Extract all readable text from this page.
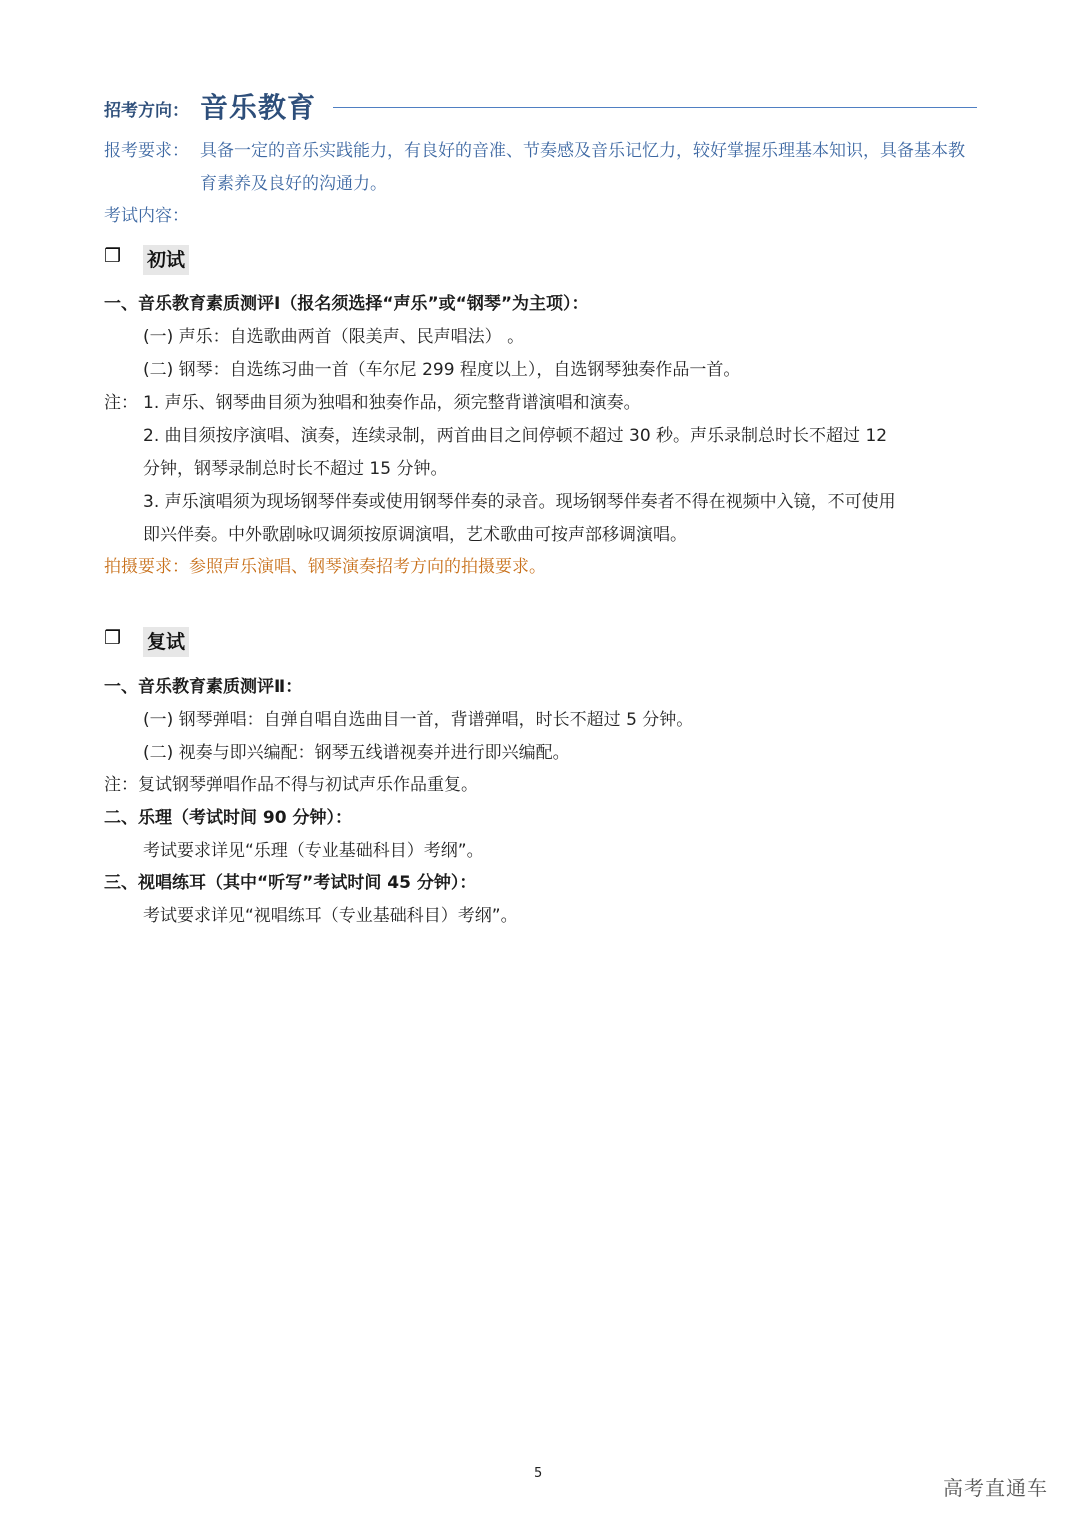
招考方向： 音乐教育
报考要求： 具备一定的音乐实践能力，有良好的音准、节奏感及音乐记忆力，较好掌握乐理基本知识，具备基本教育素养及良好的沟通力。
考试内容：
❒ 初试
一、音乐教育素质测评Ⅰ（报名须选择“声乐”或“钢琴”为主项）：
(一) 声乐：自选歌曲两首（限美声、民声唱法） 。
(二) 钢琴：自选练习曲一首（车尔尼 299 程度以上），自选钢琴独奏作品一首。
注： 1. 声乐、钢琴曲目须为独唱和独奏作品，须完整背谱演唱和演奏。
2. 曲目须按序演唱、演奏，连续录制，两首曲目之间停顿不超过 30 秒。声乐录制总时长不超过 12
分钟，钢琴录制总时长不超过 15 分钟。
3. 声乐演唱须为现场钢琴伴奏或使用钢琴伴奏的录音。现场钢琴伴奏者不得在视频中入镜，不可使用
即兴伴奏。中外歌剧咏叹调须按原调演唱，艺术歌曲可按声部移调演唱。
拍摄要求：参照声乐演唱、钢琴演奏招考方向的拍摄要求。
❒ 复试
一、音乐教育素质测评Ⅱ：
(一) 钢琴弹唱：自弹自唱自选曲目一首，背谱弹唱，时长不超过 5 分钟。
(二) 视奏与即兴编配：钢琴五线谱视奏并进行即兴编配。
注：复试钢琴弹唱作品不得与初试声乐作品重复。
二、乐理（考试时间 90 分钟）：
考试要求详见“乐理（专业基础科目）考纲”。
三、视唱练耳（其中“听写”考试时间 45 分钟）：
考试要求详见“视唱练耳（专业基础科目）考纲”。
5
高考直通车
